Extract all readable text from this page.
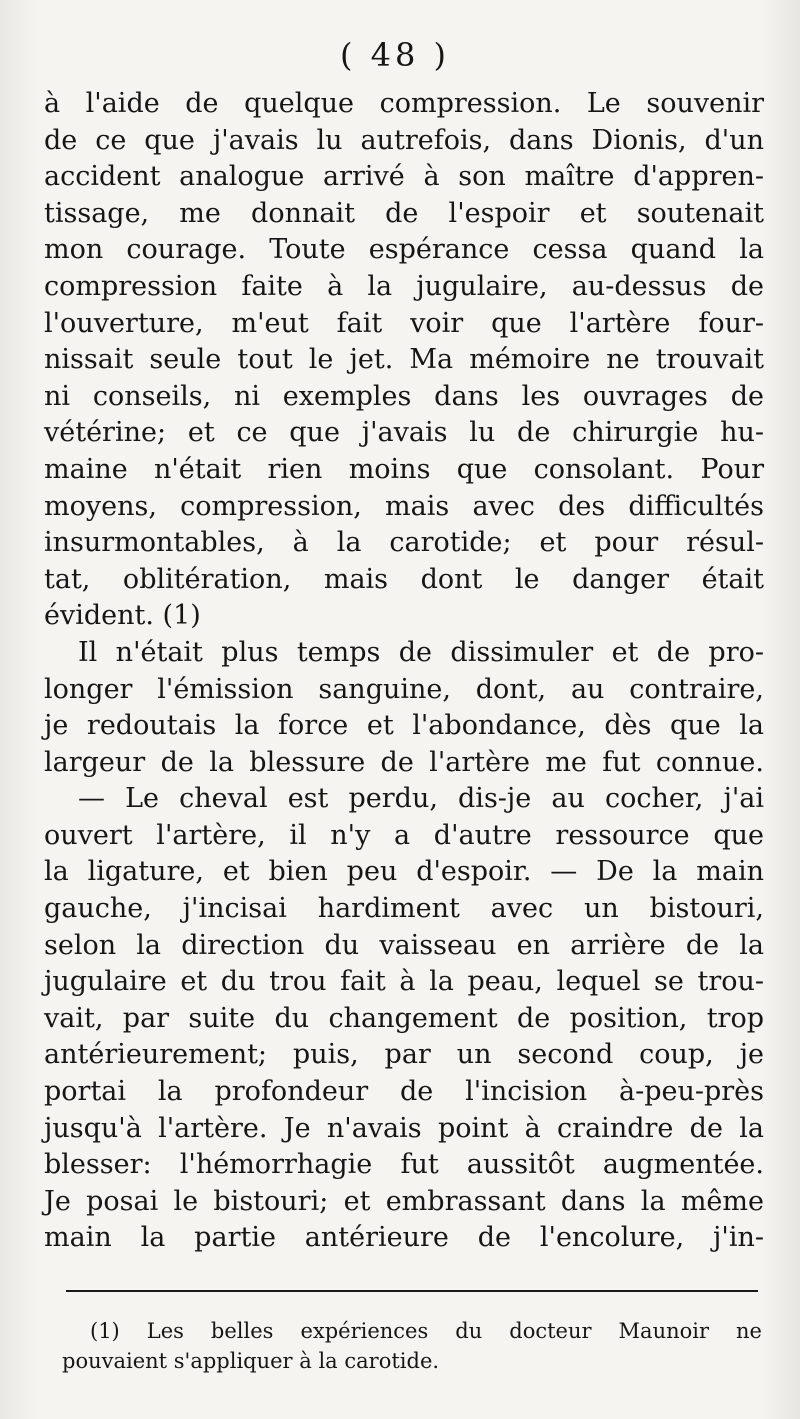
( 48 )
à l'aide de quelque compression. Le souvenir
de ce que j'avais lu autrefois, dans Dionis, d'un
accident analogue arrivé à son maître d'appren-
tissage, me donnait de l'espoir et soutenait
mon courage. Toute espérance cessa quand la
compression faite à la jugulaire, au-dessus de
l'ouverture, m'eut fait voir que l'artère four-
nissait seule tout le jet. Ma mémoire ne trouvait
ni conseils, ni exemples dans les ouvrages de
vétérine; et ce que j'avais lu de chirurgie hu-
maine n'était rien moins que consolant. Pour
moyens, compression, mais avec des difficultés
insurmontables, à la carotide; et pour résul-
tat, oblitération, mais dont le danger était
évident. (1)
Il n'était plus temps de dissimuler et de pro-
longer l'émission sanguine, dont, au contraire,
je redoutais la force et l'abondance, dès que la
largeur de la blessure de l'artère me fut connue.
— Le cheval est perdu, dis-je au cocher, j'ai
ouvert l'artère, il n'y a d'autre ressource que
la ligature, et bien peu d'espoir. — De la main
gauche, j'incisai hardiment avec un bistouri,
selon la direction du vaisseau en arrière de la
jugulaire et du trou fait à la peau, lequel se trou-
vait, par suite du changement de position, trop
antérieurement; puis, par un second coup, je
portai la profondeur de l'incision à-peu-près
jusqu'à l'artère. Je n'avais point à craindre de la
blesser: l'hémorrhagie fut aussitôt augmentée.
Je posai le bistouri; et embrassant dans la même
main la partie antérieure de l'encolure, j'in-
(1) Les belles expériences du docteur Maunoir ne
pouvaient s'appliquer à la carotide.
